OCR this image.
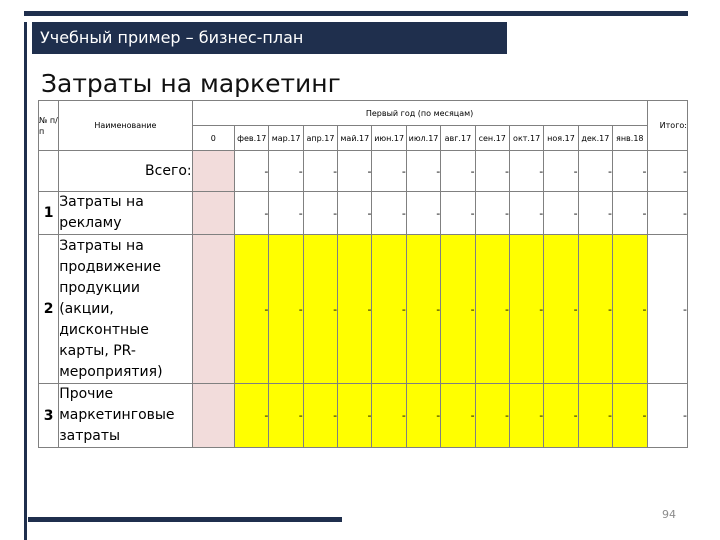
Учебный пример – бизнес-план
Затраты на маркетинг
№ п/п	Наименование	Первый год (по месяцам)													Итого:
		0	фев.17	мар.17	апр.17	май.17	июн.17	июл.17	авг.17	сен.17	окт.17	ноя.17	дек.17	янв.18	
	Всего:		-	-	-	-	-	-	-	-	-	-	-	-	-
1	Затраты на рекламу		-	-	-	-	-	-	-	-	-	-	-	-	-
2	Затраты на продвижение продукции (акции, дисконтные карты, PR-мероприятия)		-	-	-	-	-	-	-	-	-	-	-	-	-
3	Прочие маркетинговые затраты		-	-	-	-	-	-	-	-	-	-	-	-	-
94
